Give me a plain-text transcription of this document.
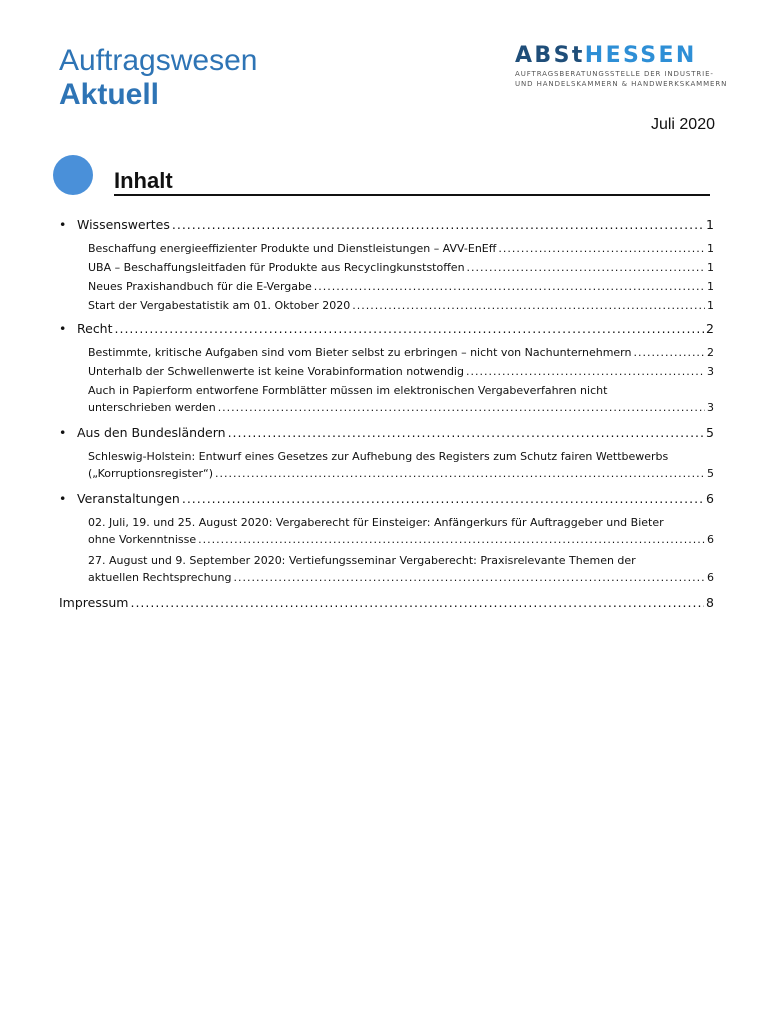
Auftragswesen
Aktuell
ABStHESSEN
AUFTRAGSBERATUNGSSTELLE DER INDUSTRIE-
UND HANDELSKAMMERN & HANDWERKSKAMMERN
Juli 2020
Inhalt
• Wissenswertes .....	1
Beschaffung energieeffizienter Produkte und Dienstleistungen – AVV-EnEff .....	1
UBA – Beschaffungsleitfaden für Produkte aus Recyclingkunststoffen .....	1
Neues Praxishandbuch für die E-Vergabe .....	1
Start der Vergabestatistik am 01. Oktober 2020 .....	1
• Recht .....	2
Bestimmte, kritische Aufgaben sind vom Bieter selbst zu erbringen – nicht von Nachunternehmern .....	2
Unterhalb der Schwellenwerte ist keine Vorabinformation notwendig .....	3
Auch in Papierform entworfene Formblätter müssen im elektronischen Vergabeverfahren nicht
unterschrieben werden .....	3
• Aus den Bundesländern .....	5
Schleswig-Holstein: Entwurf eines Gesetzes zur Aufhebung des Registers zum Schutz fairen Wettbewerbs
(„Korruptionsregister“) .....	5
• Veranstaltungen .....	6
02. Juli, 19. und 25. August 2020: Vergaberecht für Einsteiger: Anfängerkurs für Auftraggeber und Bieter
ohne Vorkenntnisse .....	6
27. August und 9. September 2020: Vertiefungsseminar Vergaberecht: Praxisrelevante Themen der
aktuellen Rechtsprechung .....	6
Impressum .....	8
